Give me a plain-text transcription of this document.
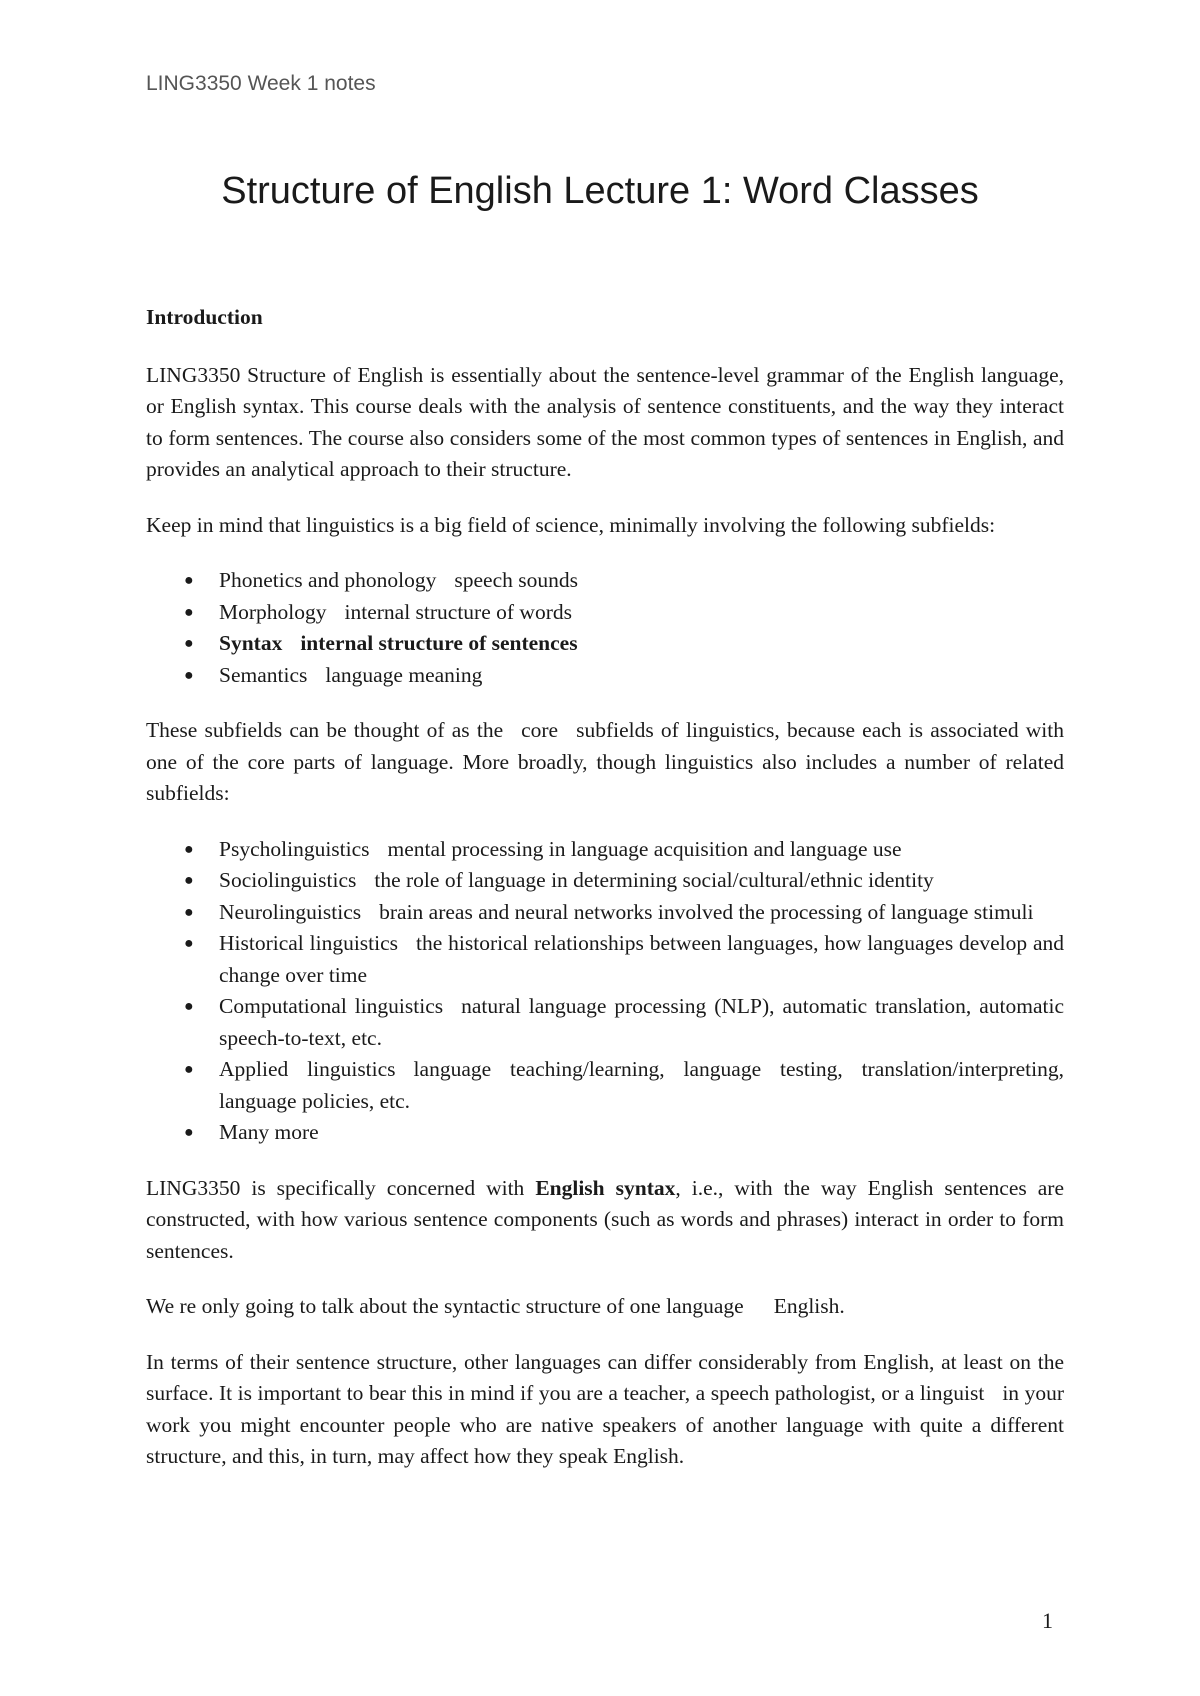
LING3350 Week 1 notes
Structure of English Lecture 1: Word Classes
Introduction

LING3350 Structure of English is essentially about the sentence-level grammar of the English language, or English syntax. This course deals with the analysis of sentence constituents, and the way they interact to form sentences. The course also considers some of the most common types of sentences in English, and provides an analytical approach to their structure.

Keep in mind that linguistics is a big field of science, minimally involving the following subfields:

● Phonetics and phonology speech sounds
● Morphology internal structure of words
● Syntax internal structure of sentences
● Semantics language meaning

These subfields can be thought of as the core subfields of linguistics, because each is associated with one of the core parts of language. More broadly, though linguistics also includes a number of related subfields:

● Psycholinguistics mental processing in language acquisition and language use
● Sociolinguistics the role of language in determining social/cultural/ethnic identity
● Neurolinguistics brain areas and neural networks involved the processing of language stimuli
● Historical linguistics the historical relationships between languages, how languages develop and change over time
● Computational linguistics natural language processing (NLP), automatic translation, automatic speech-to-text, etc.
● Applied linguistics language teaching/learning, language testing, translation/interpreting, language policies, etc.
● Many more

LING3350 is specifically concerned with English syntax, i.e., with the way English sentences are constructed, with how various sentence components (such as words and phrases) interact in order to form sentences.

We re only going to talk about the syntactic structure of one language English.

In terms of their sentence structure, other languages can differ considerably from English, at least on the surface. It is important to bear this in mind if you are a teacher, a speech pathologist, or a linguist in your work you might encounter people who are native speakers of another language with quite a different structure, and this, in turn, may affect how they speak English.

1
